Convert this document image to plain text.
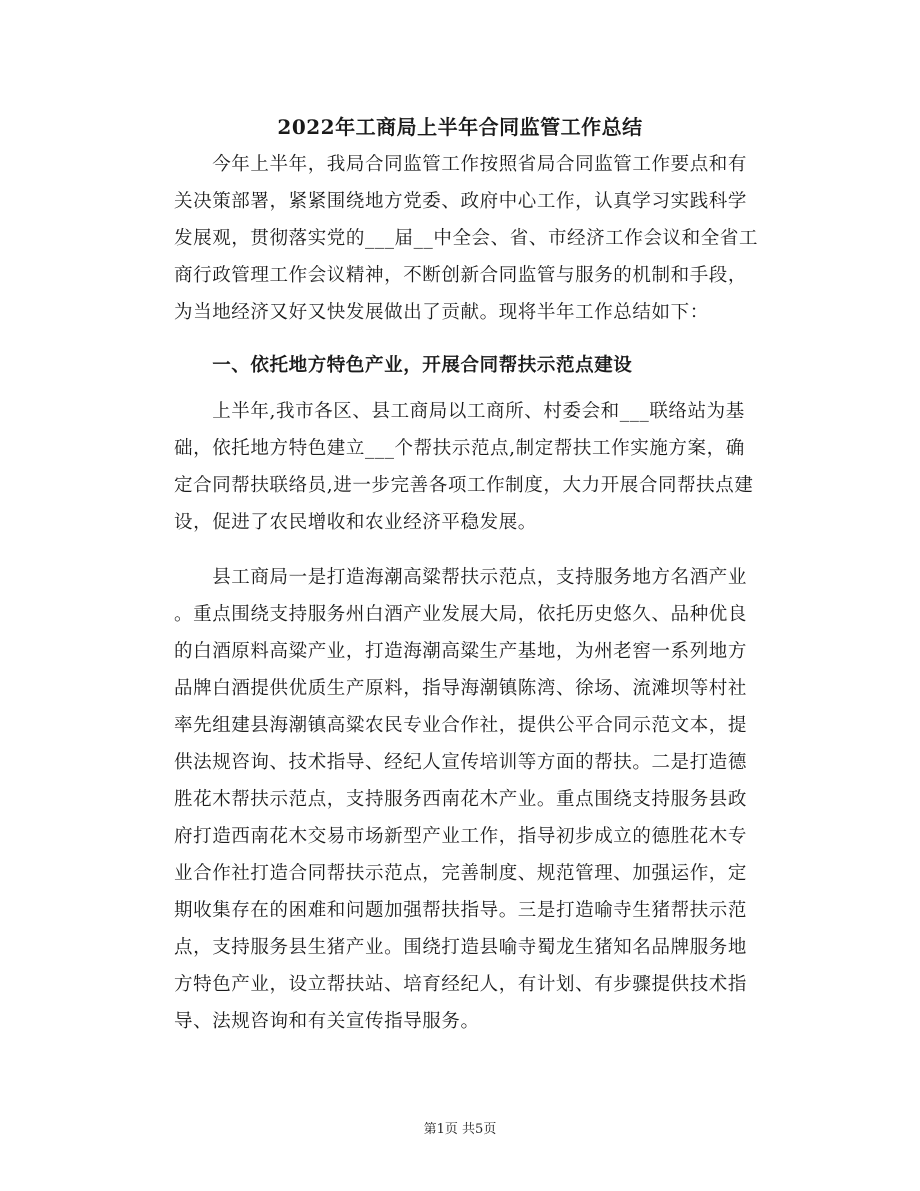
2022年工商局上半年合同监管工作总结
　　今年上半年，我局合同监管工作按照省局合同监管工作要点和有
关决策部署，紧紧围绕地方党委、政府中心工作，认真学习实践科学
发展观，贯彻落实党的___届__中全会、省、市经济工作会议和全省工
商行政管理工作会议精神，不断创新合同监管与服务的机制和手段，
为当地经济又好又快发展做出了贡献。现将半年工作总结如下：
　　一、依托地方特色产业，开展合同帮扶示范点建设
　　上半年,我市各区、县工商局以工商所、村委会和___联络站为基
础，依托地方特色建立___个帮扶示范点,制定帮扶工作实施方案，确
定合同帮扶联络员,进一步完善各项工作制度，大力开展合同帮扶点建
设，促进了农民增收和农业经济平稳发展。
　　县工商局一是打造海潮高粱帮扶示范点，支持服务地方名酒产业
。重点围绕支持服务州白酒产业发展大局，依托历史悠久、品种优良
的白酒原料高粱产业，打造海潮高粱生产基地，为州老窖一系列地方
品牌白酒提供优质生产原料，指导海潮镇陈湾、徐场、流滩坝等村社
率先组建县海潮镇高粱农民专业合作社，提供公平合同示范文本，提
供法规咨询、技术指导、经纪人宣传培训等方面的帮扶。二是打造德
胜花木帮扶示范点，支持服务西南花木产业。重点围绕支持服务县政
府打造西南花木交易市场新型产业工作，指导初步成立的德胜花木专
业合作社打造合同帮扶示范点，完善制度、规范管理、加强运作，定
期收集存在的困难和问题加强帮扶指导。三是打造喻寺生猪帮扶示范
点，支持服务县生猪产业。围绕打造县喻寺蜀龙生猪知名品牌服务地
方特色产业，设立帮扶站、培育经纪人，有计划、有步骤提供技术指
导、法规咨询和有关宣传指导服务。
第1页 共5页
